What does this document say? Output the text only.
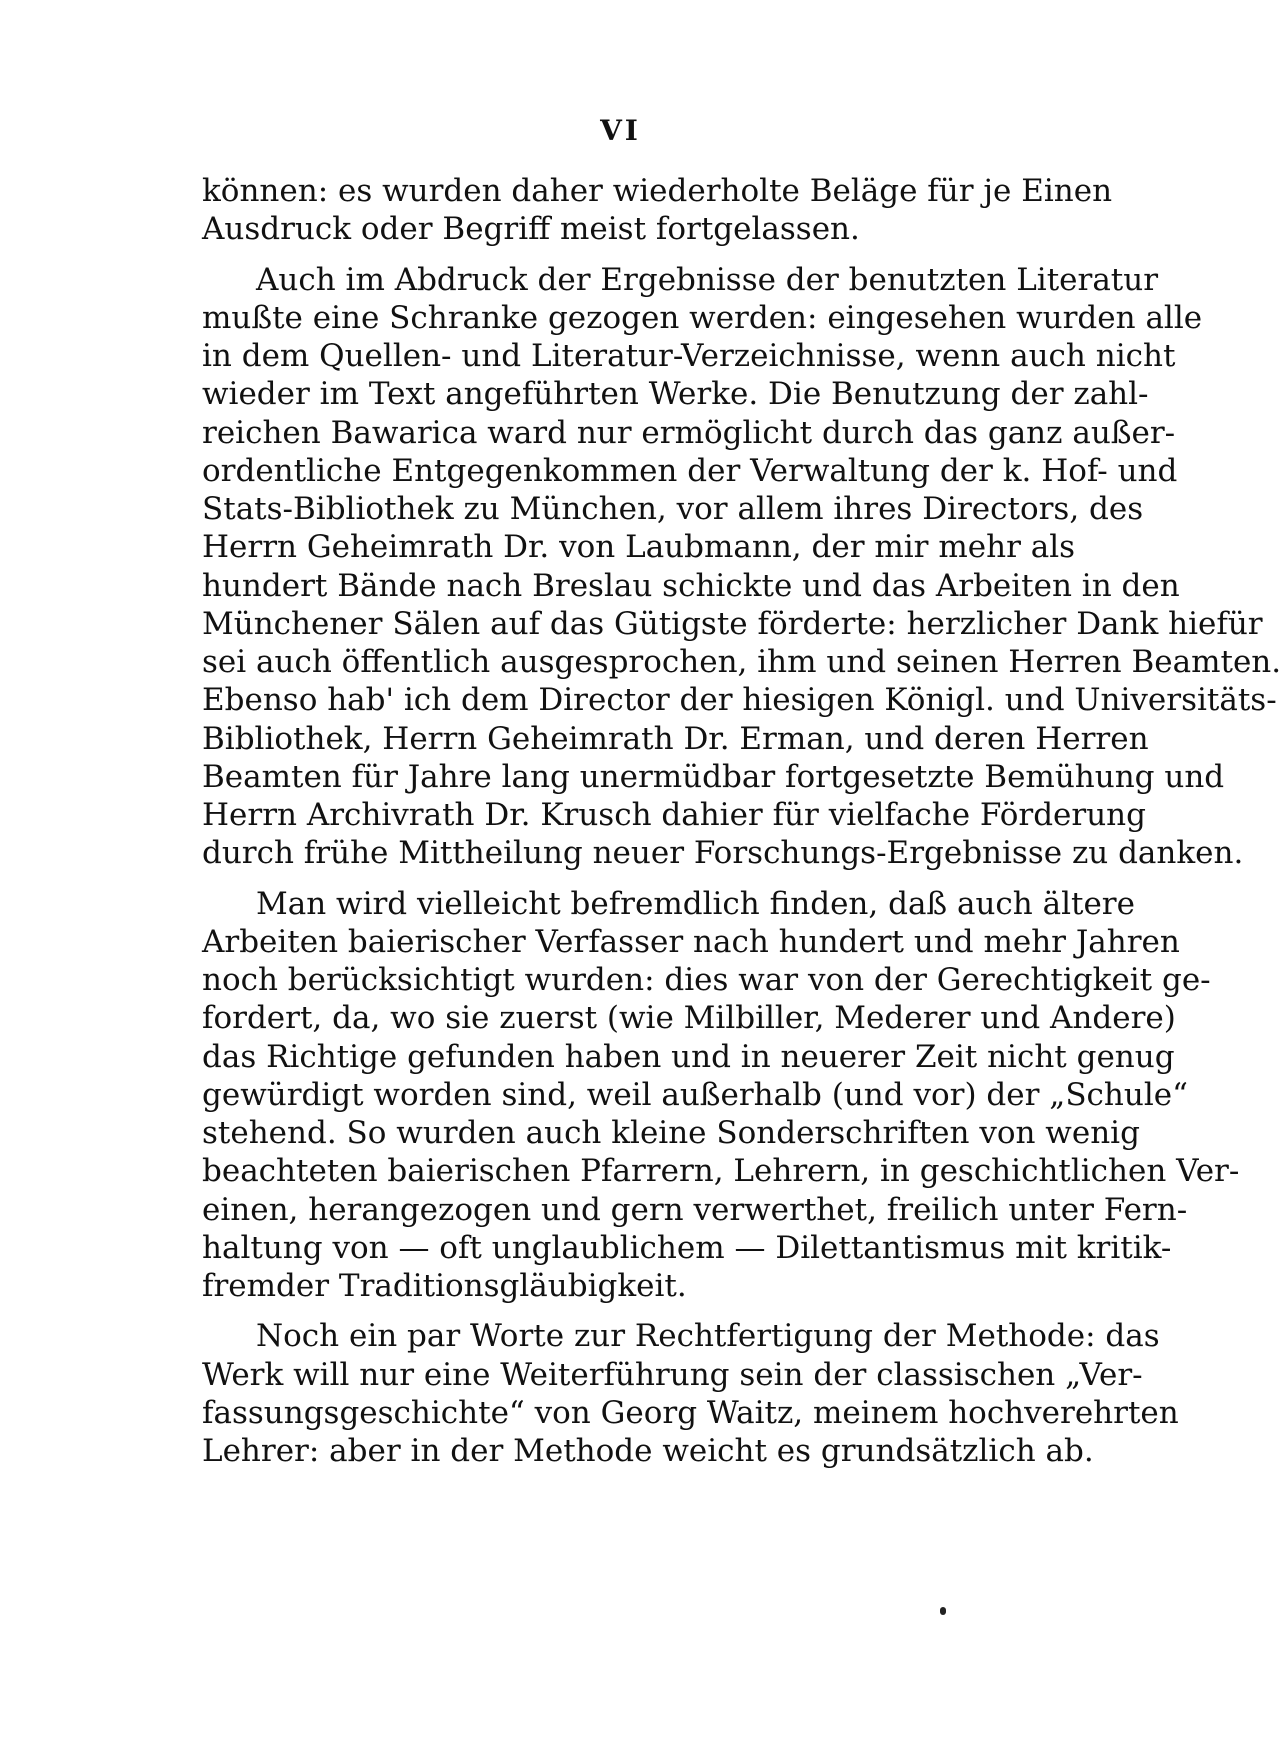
VI
können: es wurden daher wiederholte Beläge für je Einen
Ausdruck oder Begriff meist fortgelassen.
Auch im Abdruck der Ergebnisse der benutzten Literatur
mußte eine Schranke gezogen werden: eingesehen wurden alle
in dem Quellen- und Literatur-Verzeichnisse, wenn auch nicht
wieder im Text angeführten Werke. Die Benutzung der zahl-
reichen Bawarica ward nur ermöglicht durch das ganz außer-
ordentliche Entgegenkommen der Verwaltung der k. Hof- und
Stats-Bibliothek zu München, vor allem ihres Directors, des
Herrn Geheimrath Dr. von Laubmann, der mir mehr als
hundert Bände nach Breslau schickte und das Arbeiten in den
Münchener Sälen auf das Gütigste förderte: herzlicher Dank hiefür
sei auch öffentlich ausgesprochen, ihm und seinen Herren Beamten.
Ebenso hab' ich dem Director der hiesigen Königl. und Universitäts-
Bibliothek, Herrn Geheimrath Dr. Erman, und deren Herren
Beamten für Jahre lang unermüdbar fortgesetzte Bemühung und
Herrn Archivrath Dr. Krusch dahier für vielfache Förderung
durch frühe Mittheilung neuer Forschungs-Ergebnisse zu danken.
Man wird vielleicht befremdlich finden, daß auch ältere
Arbeiten baierischer Verfasser nach hundert und mehr Jahren
noch berücksichtigt wurden: dies war von der Gerechtigkeit ge-
fordert, da, wo sie zuerst (wie Milbiller, Mederer und Andere)
das Richtige gefunden haben und in neuerer Zeit nicht genug
gewürdigt worden sind, weil außerhalb (und vor) der „Schule“
stehend. So wurden auch kleine Sonderschriften von wenig
beachteten baierischen Pfarrern, Lehrern, in geschichtlichen Ver-
einen, herangezogen und gern verwerthet, freilich unter Fern-
haltung von — oft unglaublichem — Dilettantismus mit kritik-
fremder Traditionsgläubigkeit.
Noch ein par Worte zur Rechtfertigung der Methode: das
Werk will nur eine Weiterführung sein der classischen „Ver-
fassungsgeschichte“ von Georg Waitz, meinem hochverehrten
Lehrer: aber in der Methode weicht es grundsätzlich ab.
